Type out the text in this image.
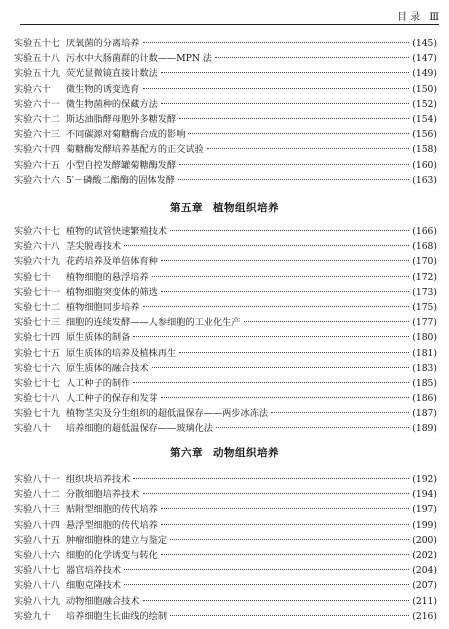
目 录 Ⅲ
实验五十七 厌氧菌的分离培养	(145)
实验五十八 污水中大肠菌群的计数——MPN 法	(147)
实验五十九 荧光显微镜直接计数法	(149)
实验六十	微生物的诱变选育	(150)
实验六十一 微生物菌种的保藏方法	(152)
实验六十二 斯达油脂酵母胞外多糖发酵	(154)
实验六十三 不同碳源对菊糖酶合成的影响	(156)
实验六十四 菊糖酶发酵培养基配方的正交试验	(158)
实验六十五 小型自控发酵罐菊糖酶发酵	(160)
实验六十六 5′－磷酸二酯酶的固体发酵	(163)
第五章 植物组织培养
实验六十七 植物的试管快速繁殖技术	(166)
实验六十八 茎尖脱毒技术	(168)
实验六十九 花药培养及单倍体育种	(170)
实验七十	植物细胞的悬浮培养	(172)
实验七十一 植物细胞突变体的筛选	(173)
实验七十二 植物细胞同步培养	(175)
实验七十三 细胞的连续发酵——人参细胞的工业化生产	(177)
实验七十四 原生质体的制备	(180)
实验七十五 原生质体的培养及植株再生	(181)
实验七十六 原生质体的融合技术	(183)
实验七十七 人工种子的制作	(185)
实验七十八 人工种子的保存和发芽	(186)
实验七十九 植物茎尖及分生组织的超低温保存——两步冰冻法	(187)
实验八十	培养细胞的超低温保存——玻璃化法	(189)
第六章 动物组织培养
实验八十一 组织块培养技术	(192)
实验八十二 分散细胞培养技术	(194)
实验八十三 贴附型细胞的传代培养	(197)
实验八十四 悬浮型细胞的传代培养	(199)
实验八十五 肿瘤细胞株的建立与鉴定	(200)
实验八十六 细胞的化学诱变与转化	(202)
实验八十七 器官培养技术	(204)
实验八十八 细胞克隆技术	(207)
实验八十九 动物细胞融合技术	(211)
实验九十	培养细胞生长曲线的绘制	(216)
